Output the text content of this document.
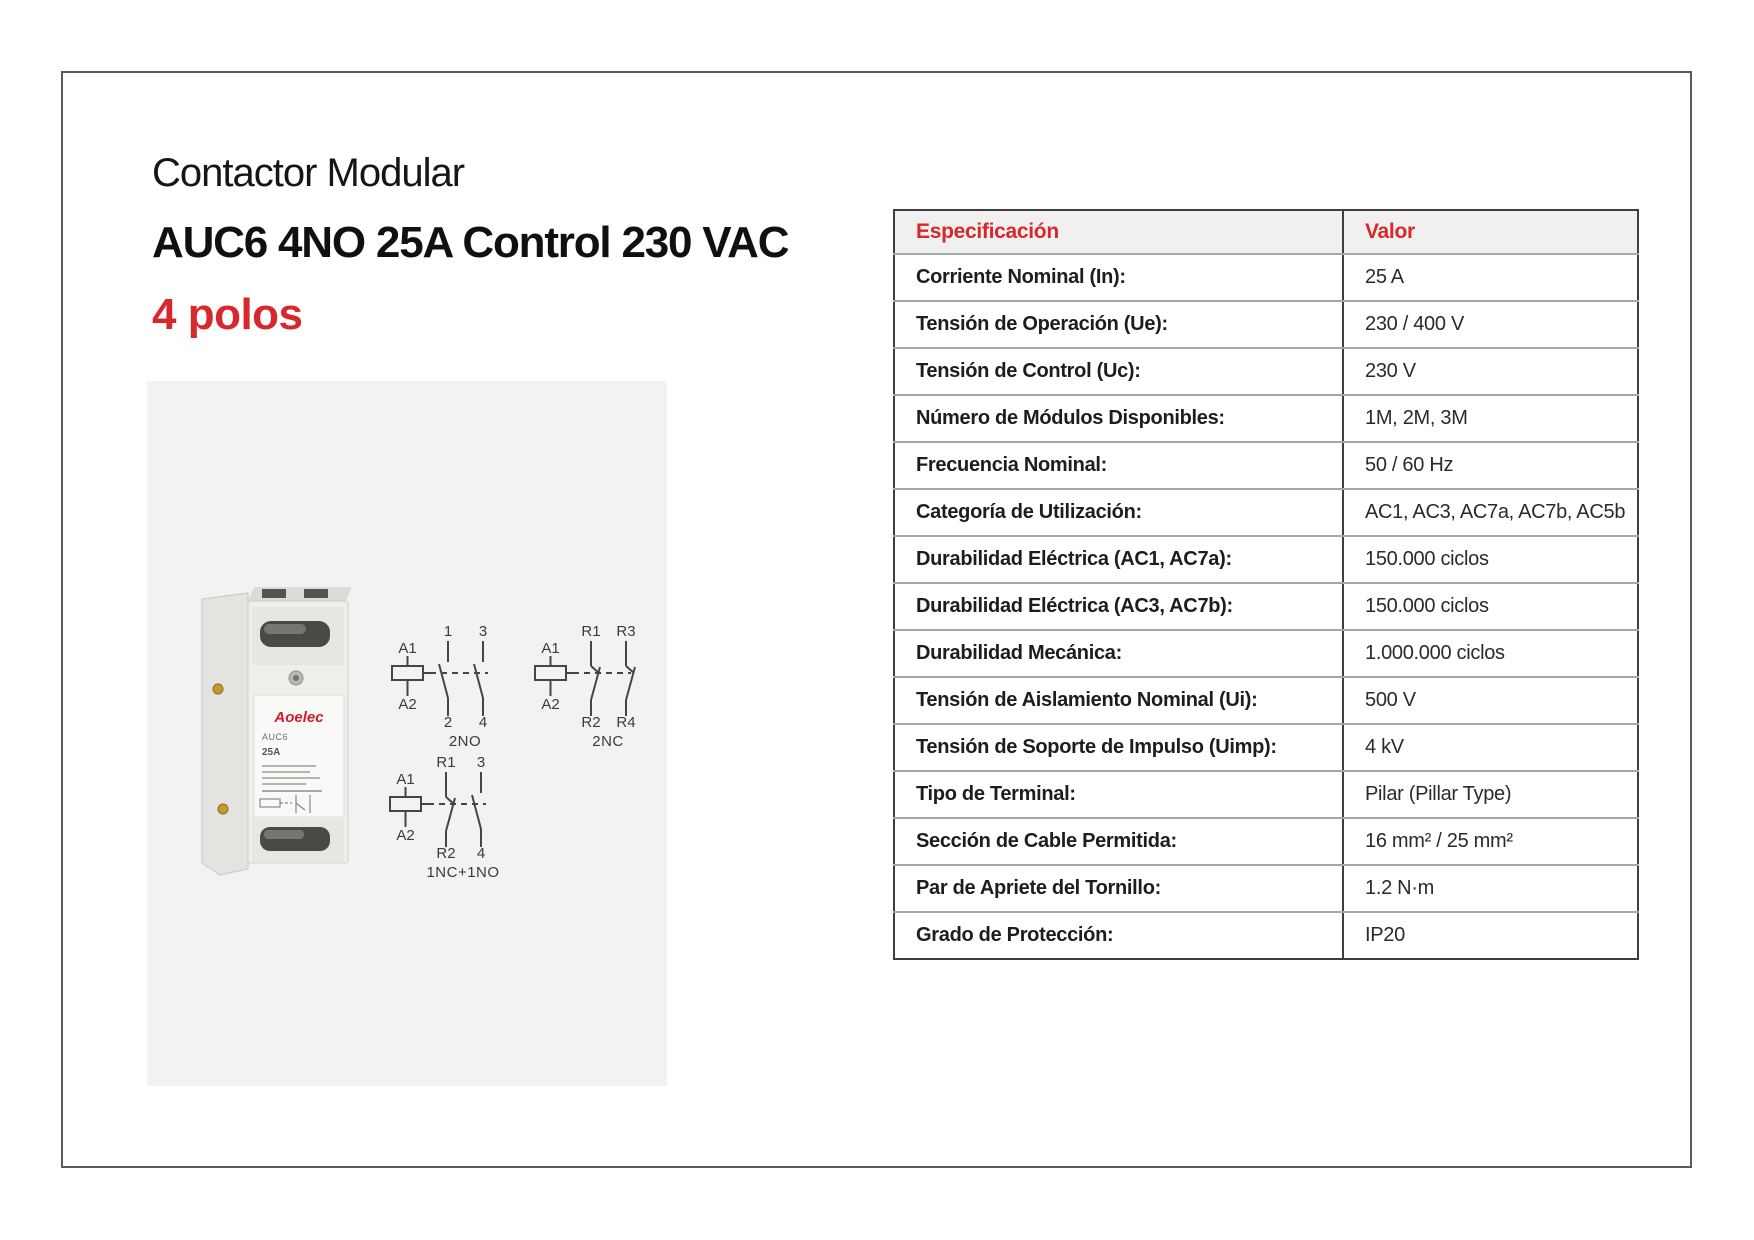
Contactor Modular
AUC6 4NO 25A Control 230 VAC
4 polos
Aoelec
AUC6
25A
A1
A2
1
2
3
4
2NO
A1
A2
R1
R2
R3
R4
2NC
A1
A2
R1
R2
3
4
1NC+1NO
Especificación	Valor
Corriente Nominal (In):	25 A
Tensión de Operación (Ue):	230 / 400 V
Tensión de Control (Uc):	230 V
Número de Módulos Disponibles:	1M, 2M, 3M
Frecuencia Nominal:	50 / 60 Hz
Categoría de Utilización:	AC1, AC3, AC7a, AC7b, AC5b
Durabilidad Eléctrica (AC1, AC7a):	150.000 ciclos
Durabilidad Eléctrica (AC3, AC7b):	150.000 ciclos
Durabilidad Mecánica:	1.000.000 ciclos
Tensión de Aislamiento Nominal (Ui):	500 V
Tensión de Soporte de Impulso (Uimp):	4 kV
Tipo de Terminal:	Pilar (Pillar Type)
Sección de Cable Permitida:	16 mm² / 25 mm²
Par de Apriete del Tornillo:	1.2 N·m
Grado de Protección:	IP20
